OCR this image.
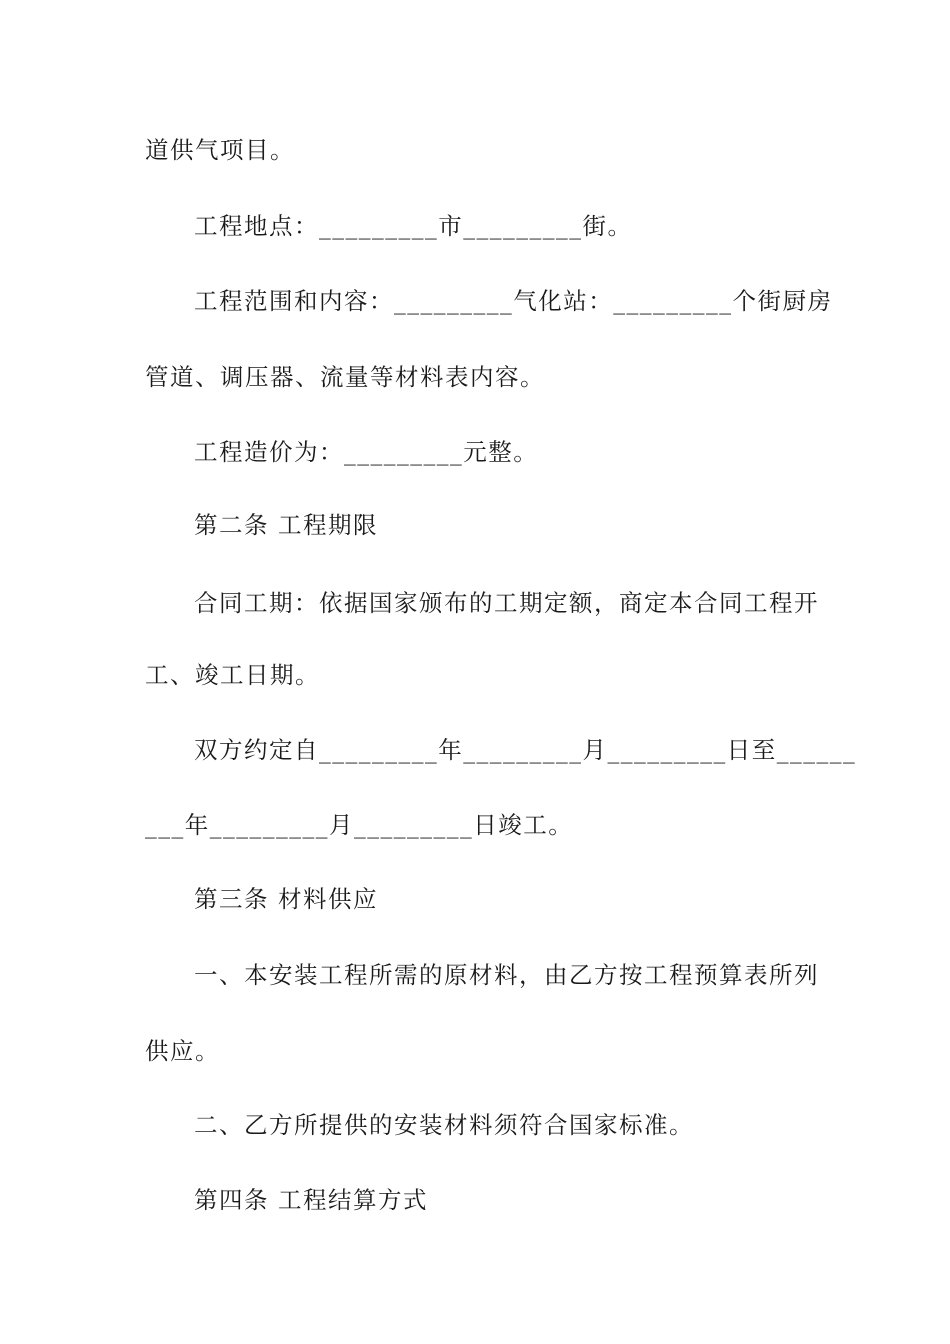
道供气项目。
工程地点：_________市_________街。
工程范围和内容：_________气化站：_________个街厨房
管道、调压器、流量等材料表内容。
工程造价为：_________元整。
第二条 工程期限
合同工期：依据国家颁布的工期定额，商定本合同工程开
工、竣工日期。
双方约定自_________年_________月_________日至______
___年_________月_________日竣工。
第三条 材料供应
一、本安装工程所需的原材料，由乙方按工程预算表所列
供应。
二、乙方所提供的安装材料须符合国家标准。
第四条 工程结算方式
